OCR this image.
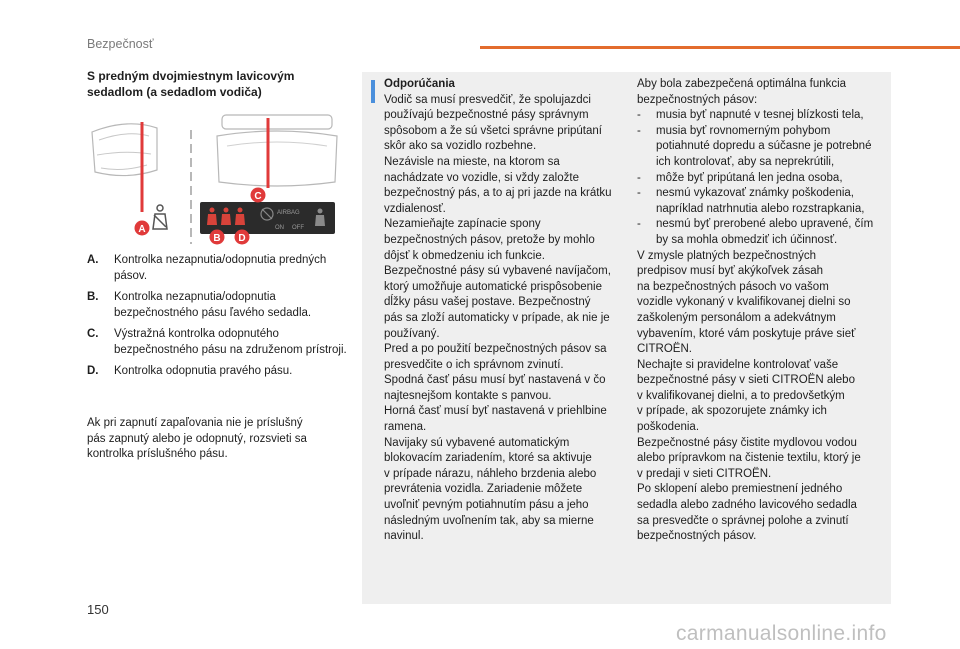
Bezpečnosť
S predným dvojmiestnym lavicovým sedadlom (a sedadlom vodiča)
AIRBAG
ON OFF
A
C
B D
A.	Kontrolka nezapnutia/odopnutia predných pásov.
B.	Kontrolka nezapnutia/odopnutia bezpečnostného pásu ľavého sedadla.
C.	Výstražná kontrolka odopnutého bezpečnostného pásu na združenom prístroji.
D.	Kontrolka odopnutia pravého pásu.
Ak pri zapnutí zapaľovania nie je príslušný
pás zapnutý alebo je odopnutý, rozsvieti sa
kontrolka príslušného pásu.
Odporúčania
Vodič sa musí presvedčiť, že spolujazdci
používajú bezpečnostné pásy správnym
spôsobom a že sú všetci správne pripútaní
skôr ako sa vozidlo rozbehne.
Nezávisle na mieste, na ktorom sa
nachádzate vo vozidle, si vždy založte
bezpečnostný pás, a to aj pri jazde na krátku
vzdialenosť.
Nezamieňajte zapínacie spony
bezpečnostných pásov, pretože by mohlo
dôjsť k obmedzeniu ich funkcie.
Bezpečnostné pásy sú vybavené navíjačom,
ktorý umožňuje automatické prispôsobenie
dĺžky pásu vašej postave. Bezpečnostný
pás sa zloží automaticky v prípade, ak nie je
používaný.
Pred a po použití bezpečnostných pásov sa
presvedčite o ich správnom zvinutí.
Spodná časť pásu musí byť nastavená v čo
najtesnejšom kontakte s panvou.
Horná časť musí byť nastavená v priehlbine
ramena.
Navijaky sú vybavené automatickým
blokovacím zariadením, ktoré sa aktivuje
v prípade nárazu, náhleho brzdenia alebo
prevrátenia vozidla. Zariadenie môžete
uvoľniť pevným potiahnutím pásu a jeho
následným uvoľnením tak, aby sa mierne
navinul.
Aby bola zabezpečená optimálna funkcia
bezpečnostných pásov:
-	musia byť napnuté v tesnej blízkosti tela,
-	musia byť rovnomerným pohybom potiahnuté dopredu a súčasne je potrebné ich kontrolovať, aby sa neprekrútili,
-	môže byť pripútaná len jedna osoba,
-	nesmú vykazovať známky poškodenia, napríklad natrhnutia alebo rozstrapkania,
-	nesmú byť prerobené alebo upravené, čím by sa mohla obmedziť ich účinnosť.
V zmysle platných bezpečnostných
predpisov musí byť akýkoľvek zásah
na bezpečnostných pásoch vo vašom
vozidle vykonaný v kvalifikovanej dielni so
zaškoleným personálom a adekvátnym
vybavením, ktoré vám poskytuje práve sieť
CITROËN.
Nechajte si pravidelne kontrolovať vaše
bezpečnostné pásy v sieti CITROËN alebo
v kvalifikovanej dielni, a to predovšetkým
v prípade, ak spozorujete známky ich
poškodenia.
Bezpečnostné pásy čistite mydlovou vodou
alebo prípravkom na čistenie textilu, ktorý je
v predaji v sieti CITROËN.
Po sklopení alebo premiestnení jedného
sedadla alebo zadného lavicového sedadla
sa presvedčte o správnej polohe a zvinutí
bezpečnostných pásov.
150
carmanualsonline.info
